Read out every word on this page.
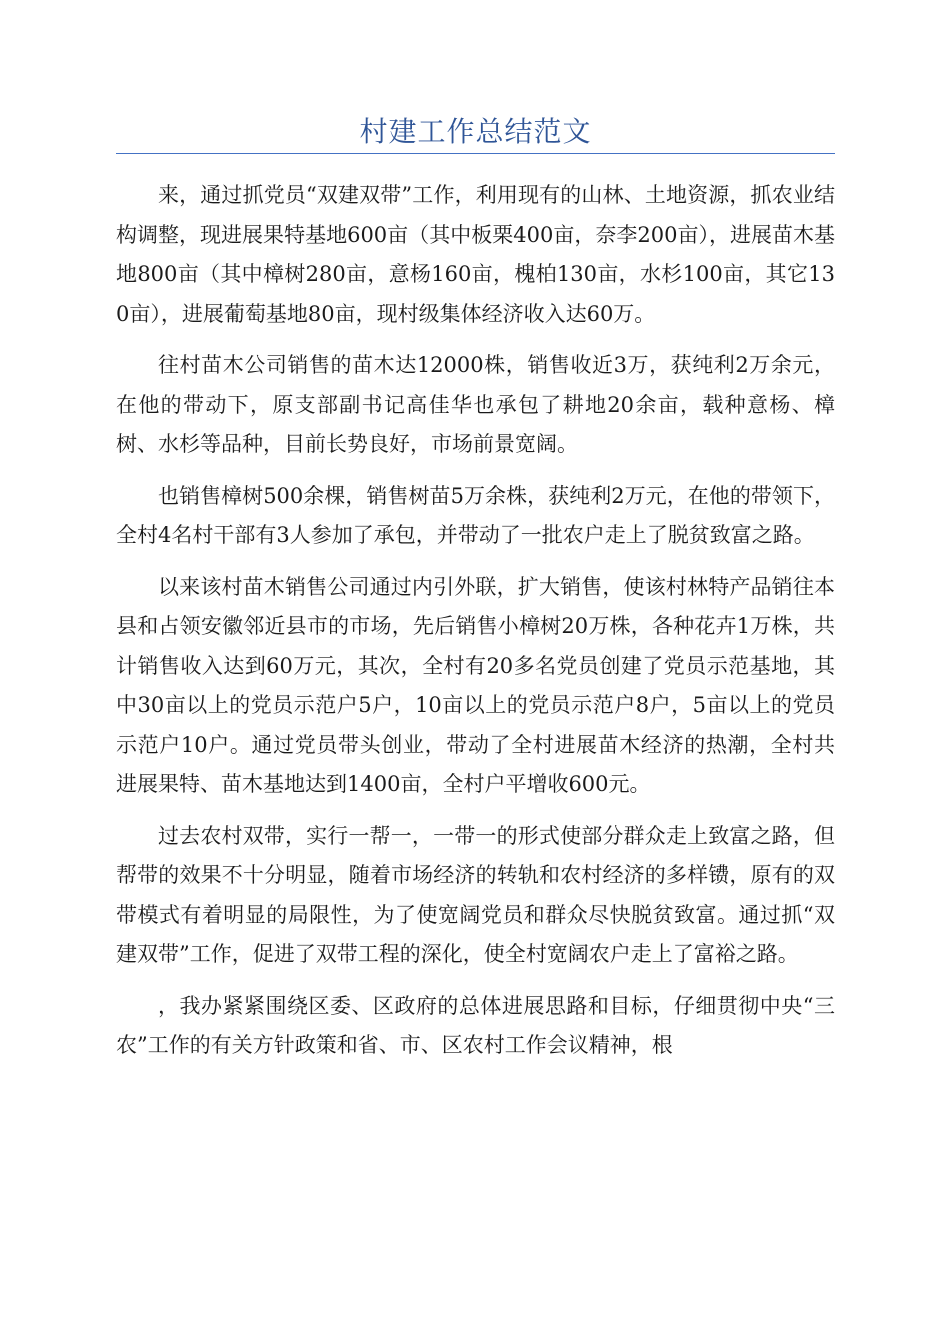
村建工作总结范文

来，通过抓党员“双建双带”工作，利用现有的山林、土地资源，抓农业结构调整，现进展果特基地600亩（其中板栗400亩，奈李200亩），进展苗木基地800亩（其中樟树280亩，意杨160亩，槐柏130亩，水杉100亩，其它130亩），进展葡萄基地80亩，现村级集体经济收入达60万。

往村苗木公司销售的苗木达12000株，销售收近3万，获纯利2万余元，在他的带动下，原支部副书记高佳华也承包了耕地20余亩，载种意杨、樟树、水杉等品种，目前长势良好，市场前景宽阔。

也销售樟树500余棵，销售树苗5万余株，获纯利2万元，在他的带领下，全村4名村干部有3人参加了承包，并带动了一批农户走上了脱贫致富之路。

以来该村苗木销售公司通过内引外联，扩大销售，使该村林特产品销往本县和占领安徽邻近县市的市场，先后销售小樟树20万株，各种花卉1万株，共计销售收入达到60万元，其次，全村有20多名党员创建了党员示范基地，其中30亩以上的党员示范户5户，10亩以上的党员示范户8户，5亩以上的党员示范户10户。通过党员带头创业，带动了全村进展苗木经济的热潮，全村共进展果特、苗木基地达到1400亩，全村户平增收600元。

过去农村双带，实行一帮一，一带一的形式使部分群众走上致富之路，但帮带的效果不十分明显，随着市场经济的转轨和农村经济的多样镄，原有的双带模式有着明显的局限性，为了使宽阔党员和群众尽快脱贫致富。通过抓“双建双带”工作，促进了双带工程的深化，使全村宽阔农户走上了富裕之路。

，我办紧紧围绕区委、区政府的总体进展思路和目标，仔细贯彻中央“三农”工作的有关方针政策和省、市、区农村工作会议精神，根
